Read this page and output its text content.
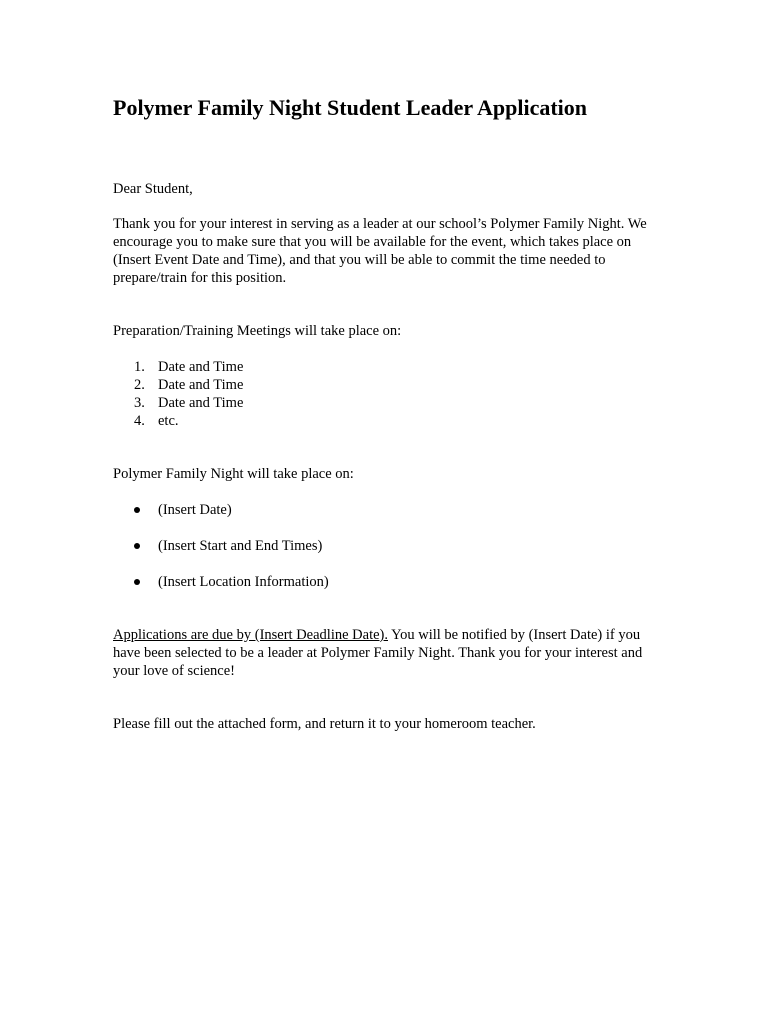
Polymer Family Night Student Leader Application

Dear Student,

Thank you for your interest in serving as a leader at our school’s Polymer Family Night. We encourage you to make sure that you will be available for the event, which takes place on (Insert Event Date and Time), and that you will be able to commit the time needed to prepare/train for this position.

Preparation/Training Meetings will take place on:

1. Date and Time
2. Date and Time
3. Date and Time
4. etc.

Polymer Family Night will take place on:

(Insert Date)
(Insert Start and End Times)
(Insert Location Information)

Applications are due by (Insert Deadline Date). You will be notified by (Insert Date) if you have been selected to be a leader at Polymer Family Night. Thank you for your interest and your love of science!

Please fill out the attached form, and return it to your homeroom teacher.
